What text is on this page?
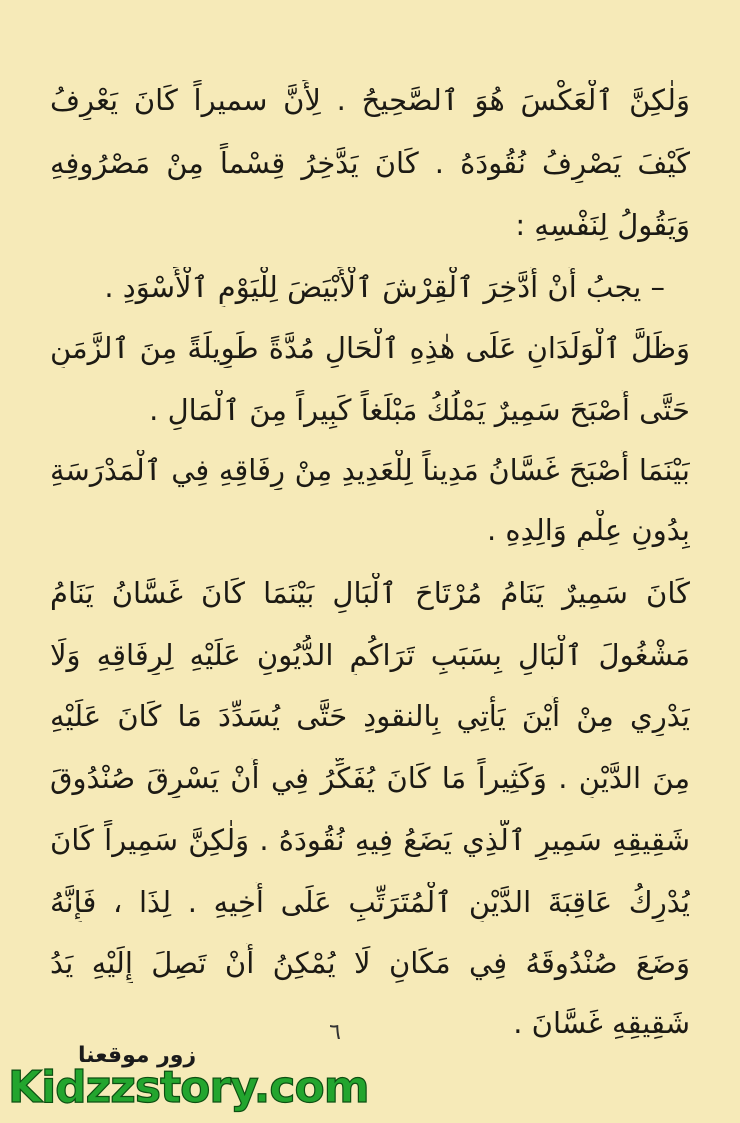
وَلٰكِنَّ ٱلْعَكْسَ هُوَ ٱلصَّحِيحُ . لِأَنَّ سميراً كَانَ يَعْرِفُ
كَيْفَ يَصْرِفُ نُقُودَهُ . كَانَ يَدَّخِرُ قِسْماً مِنْ مَصْرُوفِهِ
وَيَقُولُ لِنَفْسِهِ :
– يجبُ أَنْ أَدَّخِرَ ٱلْقِرْشَ ٱلْأَبْيَضَ لِلْيَوْمِ ٱلْأَسْوَدِ .
وَظَلَّ ٱلْوَلَدَانِ عَلَى هٰذِهِ ٱلْحَالِ مُدَّةً طَوِيلَةً مِنَ ٱلزَّمَنِ
حَتَّى أَصْبَحَ سَمِيرٌ يَمْلُكُ مَبْلَغاً كَبِيراً مِنَ ٱلْمَالِ .
بَيْنَمَا أَصْبَحَ غَسَّانُ مَدِيناً لِلْعَدِيدِ مِنْ رِفَاقِهِ فِي ٱلْمَدْرَسَةِ
بِدُونِ عِلْمِ وَالِدِهِ .
كَانَ سَمِيرٌ يَنَامُ مُرْتَاحَ ٱلْبَالِ بَيْنَمَا كَانَ غَسَّانُ يَنَامُ
مَشْغُولَ ٱلْبَالِ بِسَبَبِ تَرَاكُمِ الدُّيُونِ عَلَيْهِ لِرِفَاقِهِ وَلَا
يَدْرِي مِنْ أَيْنَ يَأْتِي بِالنقودِ حَتَّى يُسَدِّدَ مَا كَانَ عَلَيْهِ
مِنَ الدَّيْنِ . وَكَثِيراً مَا كَانَ يُفَكِّرُ فِي أَنْ يَسْرِقَ صُنْدُوقَ
شَقِيقِهِ سَمِيرٍ ٱلَّذِي يَضَعُ فِيهِ نُقُودَهُ . وَلٰكِنَّ سَمِيراً كَانَ
يُدْرِكُ عَاقِبَةَ الدَّيْنِ ٱلْمُتَرَتِّبِ عَلَى أَخِيهِ . لِذَا ، فَإِنَّهُ
وَضَعَ صُنْدُوقَهُ فِي مَكَانٍ لَا يُمْكِنُ أَنْ تَصِلَ إِلَيْهِ يَدُ
شَقِيقِهِ غَسَّانَ .
٦
زور موقعنا
Kidzzstory.com
